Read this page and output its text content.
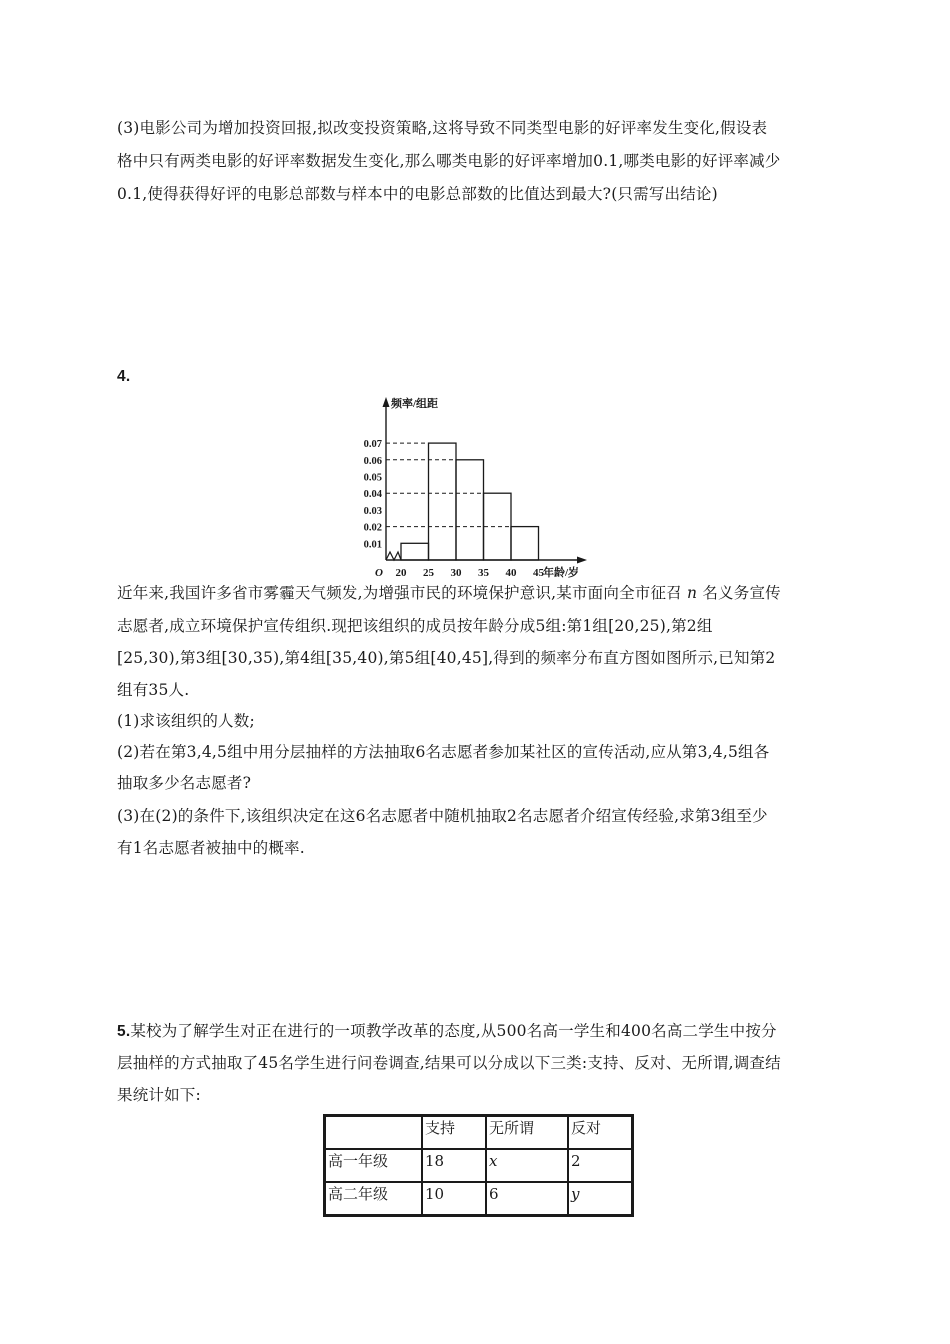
(3)电影公司为增加投资回报,拟改变投资策略,这将导致不同类型电影的好评率发生变化,假设表
格中只有两类电影的好评率数据发生变化,那么哪类电影的好评率增加0.1,哪类电影的好评率减少
0.1,使得获得好评的电影总部数与样本中的电影总部数的比值达到最大?(只需写出结论)
4.
频率/组距
年龄/岁
O
0.01
0.02
0.03
0.04
0.05
0.06
0.07
20 25 30 35 40 45
近年来,我国许多省市雾霾天气频发,为增强市民的环境保护意识,某市面向全市征召 n 名义务宣传
志愿者,成立环境保护宣传组织.现把该组织的成员按年龄分成5组:第1组[20,25),第2组
[25,30),第3组[30,35),第4组[35,40),第5组[40,45],得到的频率分布直方图如图所示,已知第2
组有35人.
(1)求该组织的人数;
(2)若在第3,4,5组中用分层抽样的方法抽取6名志愿者参加某社区的宣传活动,应从第3,4,5组各
抽取多少名志愿者?
(3)在(2)的条件下,该组织决定在这6名志愿者中随机抽取2名志愿者介绍宣传经验,求第3组至少
有1名志愿者被抽中的概率.
5.某校为了解学生对正在进行的一项教学改革的态度,从500名高一学生和400名高二学生中按分
层抽样的方式抽取了45名学生进行问卷调查,结果可以分成以下三类:支持、反对、无所谓,调查结
果统计如下:
	支持	无所谓	反对
高一年级	18	x	2
高二年级	10	6	y
